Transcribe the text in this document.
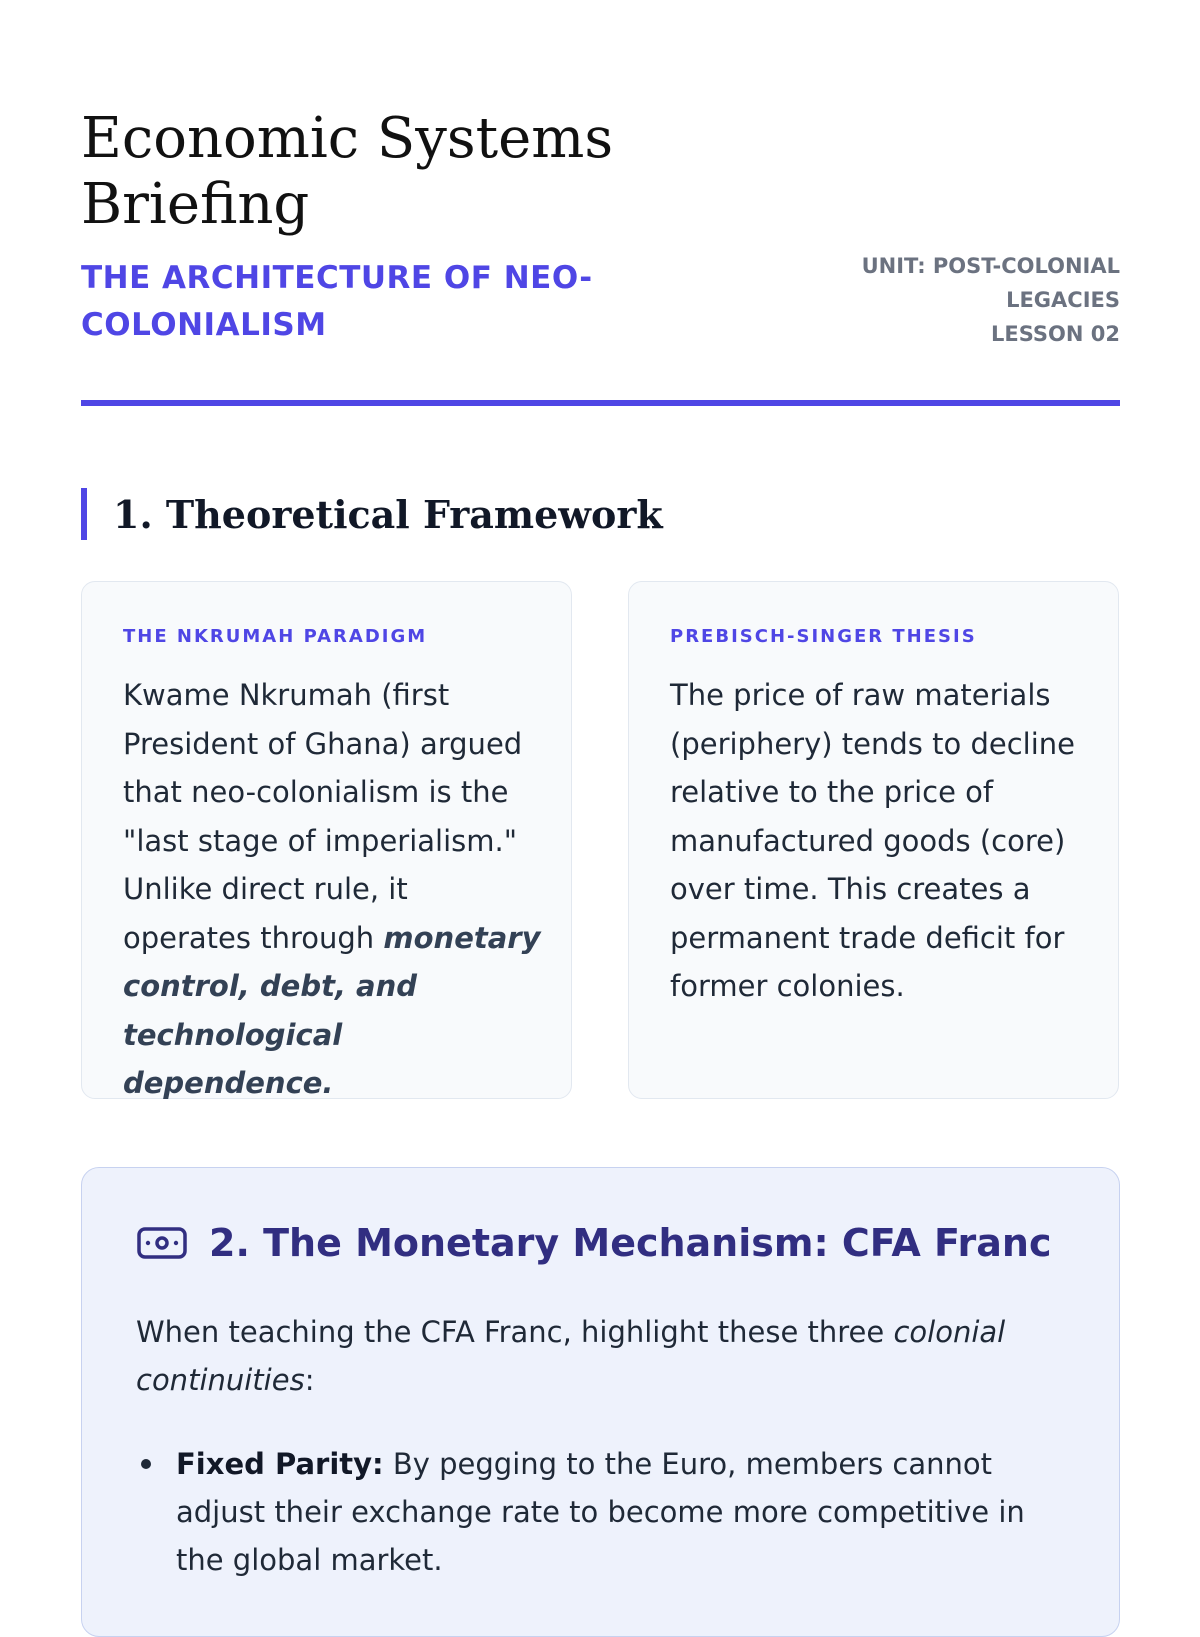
Economic Systems Briefing

THE ARCHITECTURE OF NEO-COLONIALISM

UNIT: POST-COLONIAL
LEGACIES
LESSON 02
1. Theoretical Framework

THE NKRUMAH PARADIGM

Kwame Nkrumah (first President of Ghana) argued that neo-colonialism is the "last stage of imperialism." Unlike direct rule, it operates through monetary control, debt, and technological dependence.

PREBISCH-SINGER THESIS

The price of raw materials (periphery) tends to decline relative to the price of manufactured goods (core) over time. This creates a permanent trade deficit for former colonies.

2. The Monetary Mechanism: CFA Franc

When teaching the CFA Franc, highlight these three colonial continuities:

Fixed Parity: By pegging to the Euro, members cannot adjust their exchange rate to become more competitive in the global market.
